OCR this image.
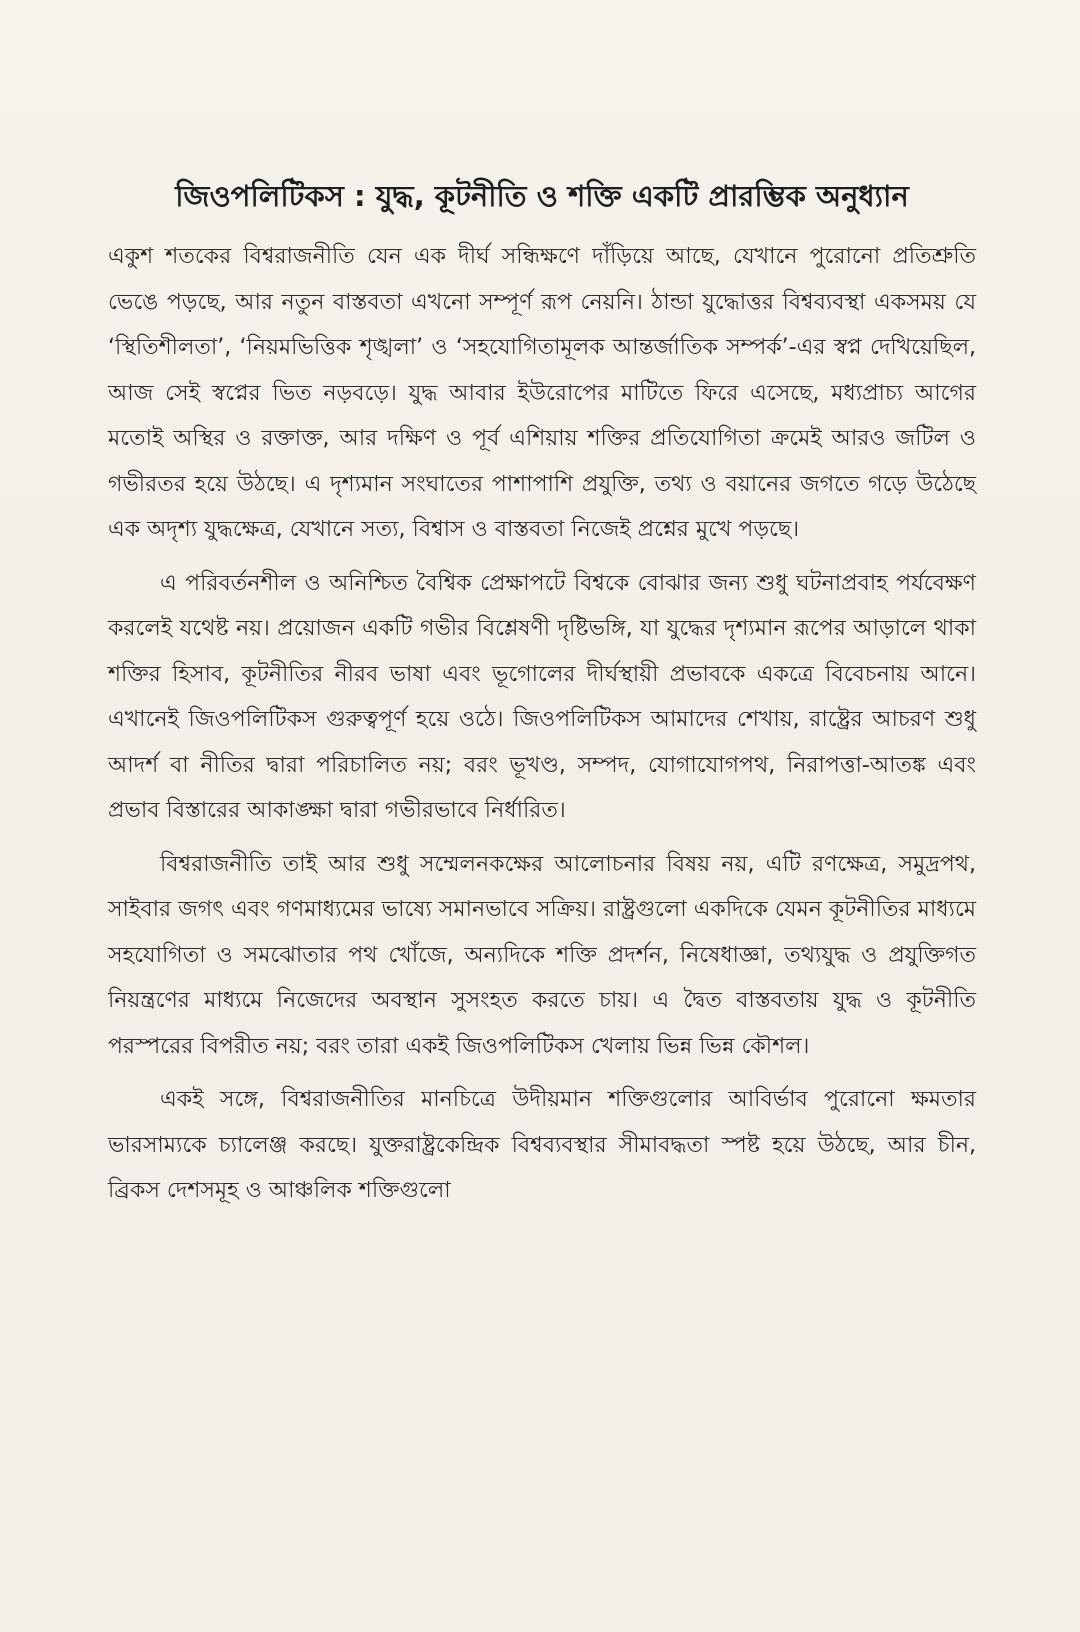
জিওপলিটিকস : যুদ্ধ, কূটনীতি ও শক্তি একটি প্রারম্ভিক অনুধ্যান

একুশ শতকের বিশ্বরাজনীতি যেন এক দীর্ঘ সন্ধিক্ষণে দাঁড়িয়ে আছে, যেখানে পুরোনো প্রতিশ্রুতি ভেঙে পড়ছে, আর নতুন বাস্তবতা এখনো সম্পূর্ণ রূপ নেয়নি। ঠান্ডা যুদ্ধোত্তর বিশ্বব্যবস্থা একসময় যে ‘স্থিতিশীলতা’, ‘নিয়মভিত্তিক শৃঙ্খলা’ ও ‘সহযোগিতামূলক আন্তর্জাতিক সম্পর্ক’-এর স্বপ্ন দেখিয়েছিল, আজ সেই স্বপ্নের ভিত নড়বড়ে। যুদ্ধ আবার ইউরোপের মাটিতে ফিরে এসেছে, মধ্যপ্রাচ্য আগের মতোই অস্থির ও রক্তাক্ত, আর দক্ষিণ ও পূর্ব এশিয়ায় শক্তির প্রতিযোগিতা ক্রমেই আরও জটিল ও গভীরতর হয়ে উঠছে। এ দৃশ্যমান সংঘাতের পাশাপাশি প্রযুক্তি, তথ্য ও বয়ানের জগতে গড়ে উঠেছে এক অদৃশ্য যুদ্ধক্ষেত্র, যেখানে সত্য, বিশ্বাস ও বাস্তবতা নিজেই প্রশ্নের মুখে পড়ছে।

এ পরিবর্তনশীল ও অনিশ্চিত বৈশ্বিক প্রেক্ষাপটে বিশ্বকে বোঝার জন্য শুধু ঘটনাপ্রবাহ পর্যবেক্ষণ করলেই যথেষ্ট নয়। প্রয়োজন একটি গভীর বিশ্লেষণী দৃষ্টিভঙ্গি, যা যুদ্ধের দৃশ্যমান রূপের আড়ালে থাকা শক্তির হিসাব, কূটনীতির নীরব ভাষা এবং ভূগোলের দীর্ঘস্থায়ী প্রভাবকে একত্রে বিবেচনায় আনে। এখানেই জিওপলিটিকস গুরুত্বপূর্ণ হয়ে ওঠে। জিওপলিটিকস আমাদের শেখায়, রাষ্ট্রের আচরণ শুধু আদর্শ বা নীতির দ্বারা পরিচালিত নয়; বরং ভূখণ্ড, সম্পদ, যোগাযোগপথ, নিরাপত্তা-আতঙ্ক এবং প্রভাব বিস্তারের আকাঙ্ক্ষা দ্বারা গভীরভাবে নির্ধারিত।

বিশ্বরাজনীতি তাই আর শুধু সম্মেলনকক্ষের আলোচনার বিষয় নয়, এটি রণক্ষেত্র, সমুদ্রপথ, সাইবার জগৎ এবং গণমাধ্যমের ভাষ্যে সমানভাবে সক্রিয়। রাষ্ট্রগুলো একদিকে যেমন কূটনীতির মাধ্যমে সহযোগিতা ও সমঝোতার পথ খোঁজে, অন্যদিকে শক্তি প্রদর্শন, নিষেধাজ্ঞা, তথ্যযুদ্ধ ও প্রযুক্তিগত নিয়ন্ত্রণের মাধ্যমে নিজেদের অবস্থান সুসংহত করতে চায়। এ দ্বৈত বাস্তবতায় যুদ্ধ ও কূটনীতি পরস্পরের বিপরীত নয়; বরং তারা একই জিওপলিটিকস খেলায় ভিন্ন ভিন্ন কৌশল।

একই সঙ্গে, বিশ্বরাজনীতির মানচিত্রে উদীয়মান শক্তিগুলোর আবির্ভাব পুরোনো ক্ষমতার ভারসাম্যকে চ্যালেঞ্জ করছে। যুক্তরাষ্ট্রকেন্দ্রিক বিশ্বব্যবস্থার সীমাবদ্ধতা স্পষ্ট হয়ে উঠছে, আর চীন, ব্রিকস দেশসমূহ ও আঞ্চলিক শক্তিগুলো
